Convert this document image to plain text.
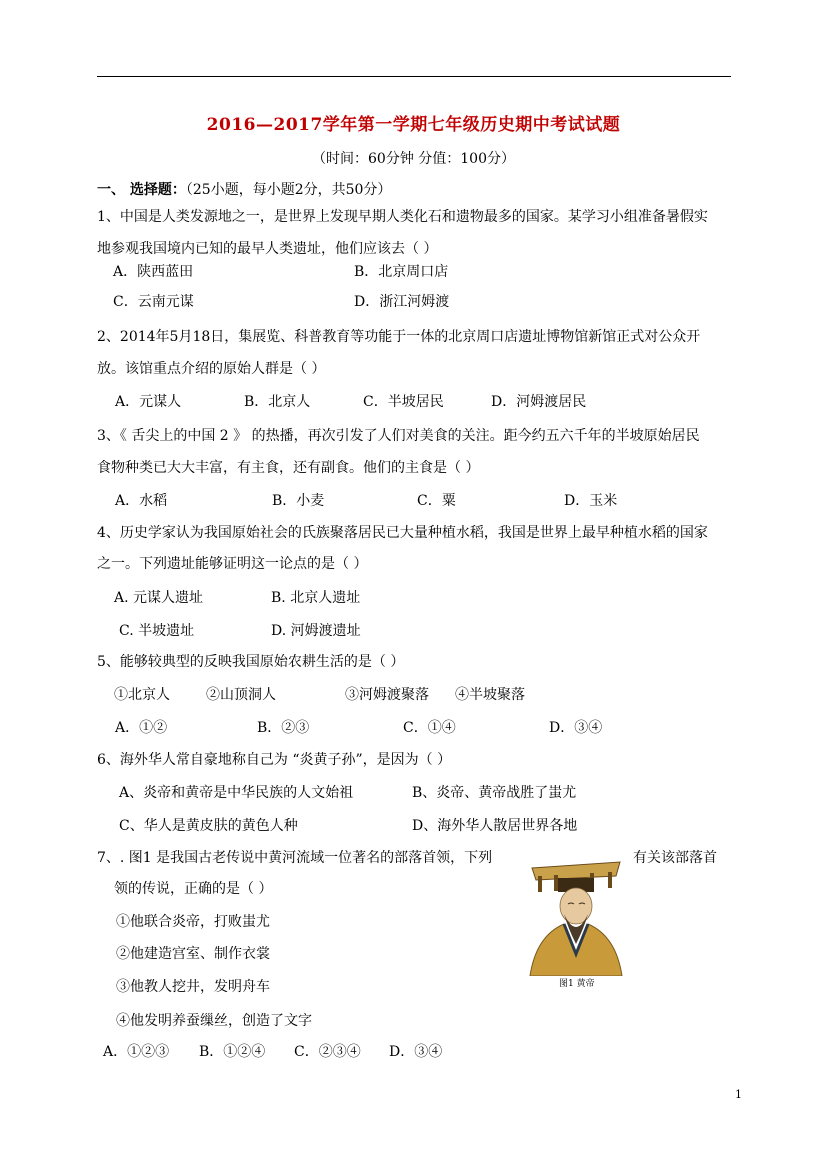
2016—2017学年第一学期七年级历史期中考试试题
（时间：60分钟 分值：100分）
一、 选择题：（25小题，每小题2分，共50分）
1、中国是人类发源地之一，是世界上发现早期人类化石和遗物最多的国家。某学习小组准备暑假实
地参观我国境内已知的最早人类遗址，他们应该去（ ）
A．陕西蓝田	B．北京周口店
C．云南元谋	D．浙江河姆渡
2、2014年5月18日，集展览、科普教育等功能于一体的北京周口店遗址博物馆新馆正式对公众开
放。该馆重点介绍的原始人群是（ ）
A．元谋人	B．北京人	C．半坡居民	D．河姆渡居民
3、《 舌尖上的中国 2 》 的热播，再次引发了人们对美食的关注。距今约五六千年的半坡原始居民
食物种类已大大丰富，有主食，还有副食。他们的主食是（ ）
A．水稻	B．小麦	C．粟	D．玉米
4、历史学家认为我国原始社会的氏族聚落居民已大量种植水稻，我国是世界上最早种植水稻的国家
之一。下列遗址能够证明这一论点的是（ ）
A. 元谋人遗址	B. 北京人遗址
C. 半坡遗址	D. 河姆渡遗址
5、能够较典型的反映我国原始农耕生活的是（ ）
①北京人	②山顶洞人	③河姆渡聚落 ④半坡聚落
A．①②	B．②③	C．①④	D．③④
6、海外华人常自豪地称自己为 “炎黄子孙”，是因为（ ）
A、炎帝和黄帝是中华民族的人文始祖	B、炎帝、黄帝战胜了蚩尤
C、华人是黄皮肤的黄色人种	D、海外华人散居世界各地
7、. 图1 是我国古老传说中黄河流域一位著名的部落首领，下列	有关该部落首
领的传说，正确的是（ ）
①他联合炎帝，打败蚩尤
②他建造宫室、制作衣裳
③他教人挖井，发明舟车
④他发明养蚕缫丝，创造了文字
A．①②③ B．①②④ C．②③④ D．③④
图1 黄帝
1
